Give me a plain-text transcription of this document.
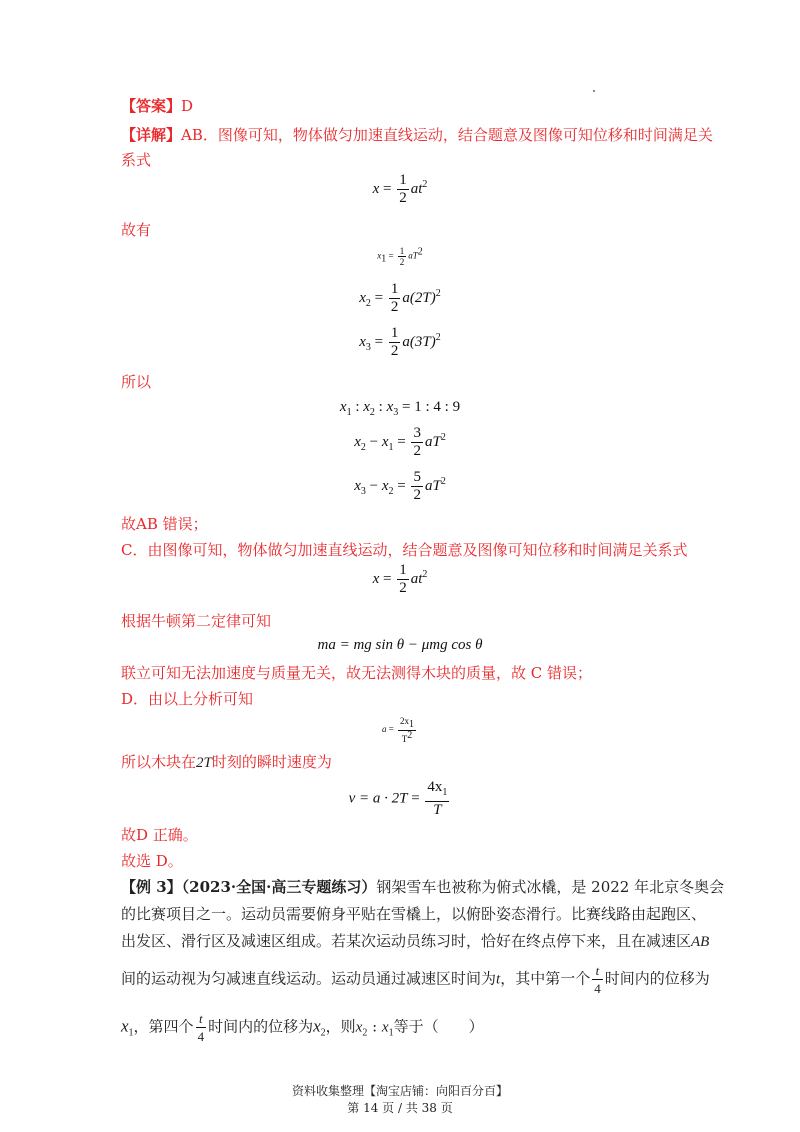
【答案】D
【详解】AB．图像可知，物体做匀加速直线运动，结合题意及图像可知位移和时间满足关
系式
$x = \frac{1}{2} at^2$
故有
$x1 = \frac{1}{2} aT2$
$x_2 = \frac{1}{2} a(2T)^2$
$x_3 = \frac{1}{2} a(3T)^2$
所以
$x_1$ : $x_2$ : $x_3 = 1$ : 4 : 9
$x_2 - x_1 = \frac{3}{2} aT^2$
$x_3 - x_2 = \frac{5}{2} aT^2$
故AB 错误；
C．由图像可知，物体做匀加速直线运动，结合题意及图像可知位移和时间满足关系式
$x = \frac{1}{2} at^2$
根据牛顿第二定律可知
ma = mg sin θ − μmg cos θ
联立可知无法加速度与质量无关，故无法测得木块的质量，故 C 错误；
D．由以上分析可知
$a = \frac{2x1}{T2}$
所以木块在2T时刻的瞬时速度为
$v = a \cdot 2T = \frac{4x_1}{T}$
故D 正确。
故选 D。
【例 3】（2023·全国·高三专题练习）钢架雪车也被称为俯式冰橇，是 2022 年北京冬奥会
的比赛项目之一。运动员需要俯身平贴在雪橇上，以俯卧姿态滑行。比赛线路由起跑区、
出发区、滑行区及减速区组成。若某次运动员练习时，恰好在终点停下来，且在减速区AB
间的运动视为匀减速直线运动。运动员通过减速区时间为t，其中第一个 $\frac{t}{4}$ 时间内的位移为
$x_1$，第四个 $\frac{t}{4}$ 时间内的位移为$x_2$，则$x_2$ : $x_1$等于（　　）
资料收集整理【淘宝店铺：向阳百分百】
第 14 页 / 共 38 页
